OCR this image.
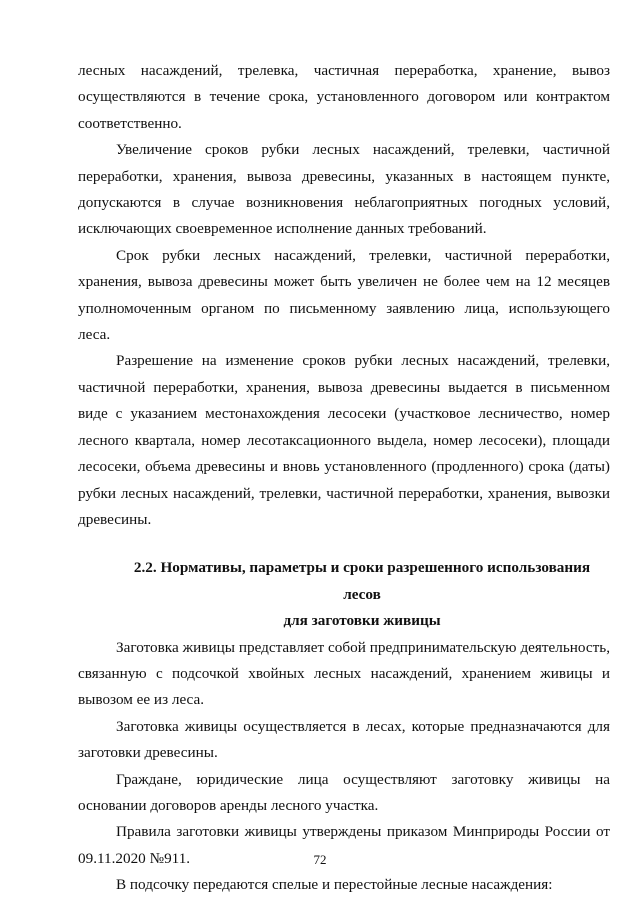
лесных насаждений, трелевка, частичная переработка, хранение, вывоз осуществляются в течение срока, установленного договором или контрактом соответственно.

Увеличение сроков рубки лесных насаждений, трелевки, частичной переработки, хранения, вывоза древесины, указанных в настоящем пункте, допускаются в случае возникновения неблагоприятных погодных условий, исключающих своевременное исполнение данных требований.

Срок рубки лесных насаждений, трелевки, частичной переработки, хранения, вывоза древесины может быть увеличен не более чем на 12 месяцев уполномоченным органом по письменному заявлению лица, использующего леса.

Разрешение на изменение сроков рубки лесных насаждений, трелевки, частичной переработки, хранения, вывоза древесины выдается в письменном виде с указанием местонахождения лесосеки (участковое лесничество, номер лесного квартала, номер лесотаксационного выдела, номер лесосеки), площади лесосеки, объема древесины и вновь установленного (продленного) срока (даты) рубки лесных насаждений, трелевки, частичной переработки, хранения, вывозки древесины.

2.2. Нормативы, параметры и сроки разрешенного использования лесов
для заготовки живицы

Заготовка живицы представляет собой предпринимательскую деятельность, связанную с подсочкой хвойных лесных насаждений, хранением живицы и вывозом ее из леса.

Заготовка живицы осуществляется в лесах, которые предназначаются для заготовки древесины.

Граждане, юридические лица осуществляют заготовку живицы на основании договоров аренды лесного участка.

Правила заготовки живицы утверждены приказом Минприроды России от 09.11.2020 №911.

В подсочку передаются спелые и перестойные лесные насаждения:

72
